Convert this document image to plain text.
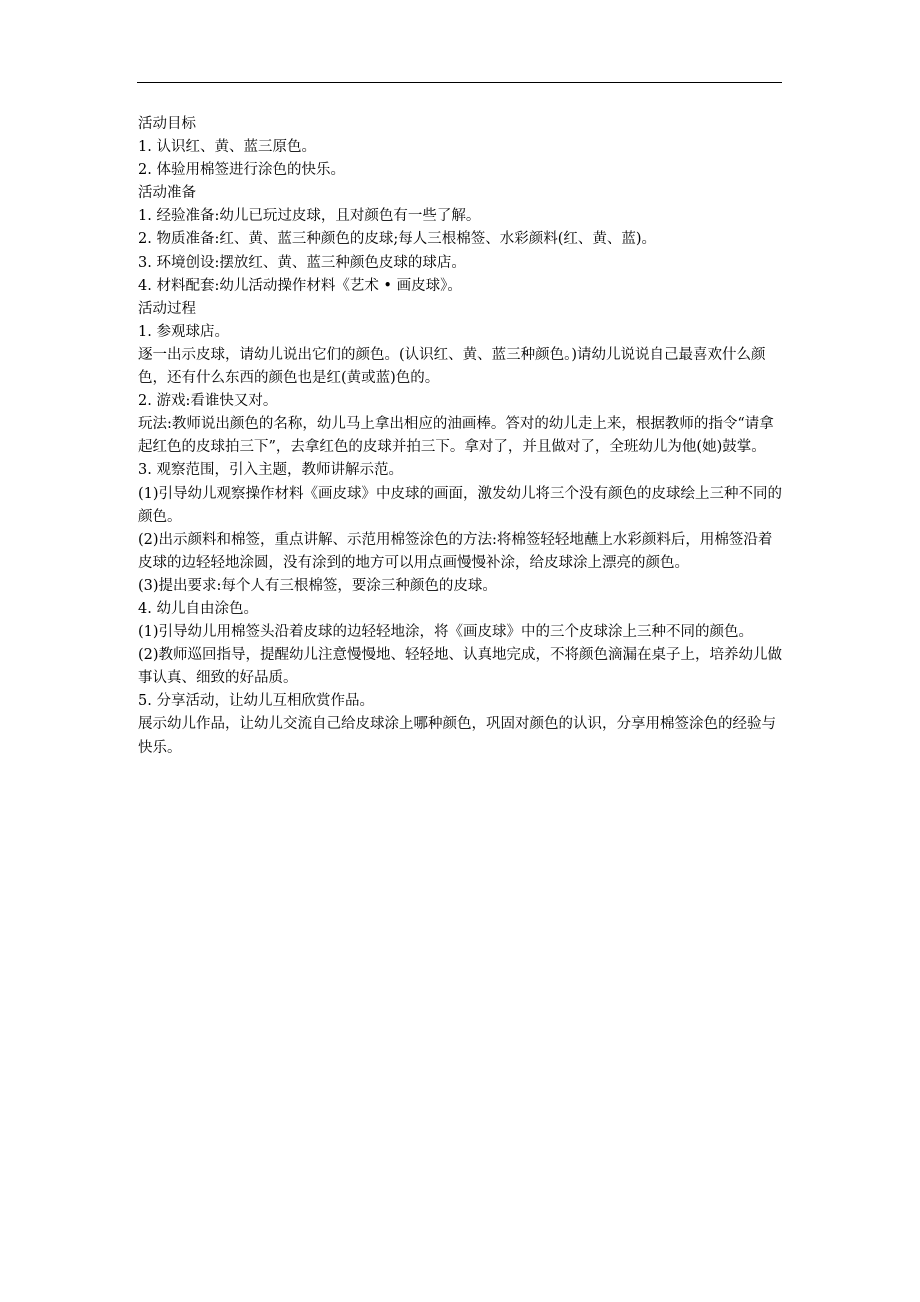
活动目标

1. 认识红、黄、蓝三原色。

2. 体验用棉签进行涂色的快乐。

活动准备

1. 经验准备:幼儿已玩过皮球，且对颜色有一些了解。

2. 物质准备:红、黄、蓝三种颜色的皮球;每人三根棉签、水彩颜料(红、黄、蓝)。

3. 环境创设:摆放红、黄、蓝三种颜色皮球的球店。

4. 材料配套:幼儿活动操作材料《艺术 • 画皮球》。

活动过程

1. 参观球店。

逐一出示皮球，请幼儿说出它们的颜色。(认识红、黄、蓝三种颜色。)请幼儿说说自己最喜欢什么颜色，还有什么东西的颜色也是红(黄或蓝)色的。

2. 游戏:看谁快又对。

玩法:教师说出颜色的名称，幼儿马上拿出相应的油画棒。答对的幼儿走上来，根据教师的指令“请拿起红色的皮球拍三下”，去拿红色的皮球并拍三下。拿对了，并且做对了，全班幼儿为他(她)鼓掌。

3. 观察范围，引入主题，教师讲解示范。

(1)引导幼儿观察操作材料《画皮球》中皮球的画面，激发幼儿将三个没有颜色的皮球绘上三种不同的颜色。

(2)出示颜料和棉签，重点讲解、示范用棉签涂色的方法:将棉签轻轻地蘸上水彩颜料后，用棉签沿着皮球的边轻轻地涂圆，没有涂到的地方可以用点画慢慢补涂，给皮球涂上漂亮的颜色。

(3)提出要求:每个人有三根棉签，要涂三种颜色的皮球。

4. 幼儿自由涂色。

(1)引导幼儿用棉签头沿着皮球的边轻轻地涂，将《画皮球》中的三个皮球涂上三种不同的颜色。

(2)教师巡回指导，提醒幼儿注意慢慢地、轻轻地、认真地完成，不将颜色滴漏在桌子上，培养幼儿做事认真、细致的好品质。

5. 分享活动，让幼儿互相欣赏作品。

展示幼儿作品，让幼儿交流自己给皮球涂上哪种颜色，巩固对颜色的认识，分享用棉签涂色的经验与快乐。
